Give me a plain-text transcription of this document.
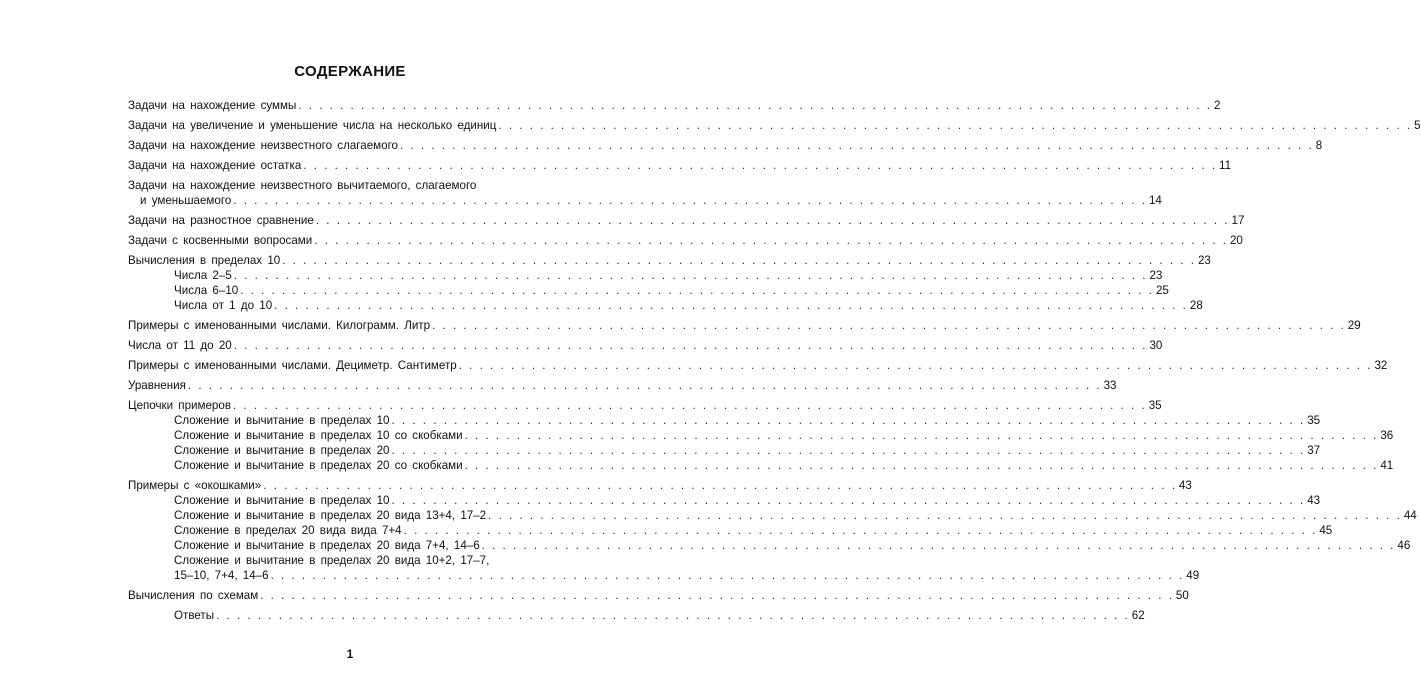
СОДЕРЖАНИЕ
Задачи на нахождение суммы . . . . . . . . . . . . . . . . . . . . . . . . . . . . . . . . . . . . . . . . . . . . . . . . . . . . . . . . . . . . . . . . . . . . . . . . . . . . . . . . . . . . . . . . 2
Задачи на увеличение и уменьшение числа на несколько единиц . . . . . . . . . . . . . . . . . . . . . . . . . . . . . . . . . . . . . . . . . . . . . . . . . . . . . . . . . . . . . . . . . . . . . . . . . . . . . . . . . . . . . . . . 5
Задачи на нахождение неизвестного слагаемого . . . . . . . . . . . . . . . . . . . . . . . . . . . . . . . . . . . . . . . . . . . . . . . . . . . . . . . . . . . . . . . . . . . . . . . . . . . . . . . . . . . . . . . . 8
Задачи на нахождение остатка . . . . . . . . . . . . . . . . . . . . . . . . . . . . . . . . . . . . . . . . . . . . . . . . . . . . . . . . . . . . . . . . . . . . . . . . . . . . . . . . . . . . . . . . 11
Задачи на нахождение неизвестного вычитаемого, слагаемого
и уменьшаемого . . . . . . . . . . . . . . . . . . . . . . . . . . . . . . . . . . . . . . . . . . . . . . . . . . . . . . . . . . . . . . . . . . . . . . . . . . . . . . . . . . . . . . . . 14
Задачи на разностное сравнение . . . . . . . . . . . . . . . . . . . . . . . . . . . . . . . . . . . . . . . . . . . . . . . . . . . . . . . . . . . . . . . . . . . . . . . . . . . . . . . . . . . . . . . . 17
Задачи с косвенными вопросами . . . . . . . . . . . . . . . . . . . . . . . . . . . . . . . . . . . . . . . . . . . . . . . . . . . . . . . . . . . . . . . . . . . . . . . . . . . . . . . . . . . . . . . . 20
Вычисления в пределах 10 . . . . . . . . . . . . . . . . . . . . . . . . . . . . . . . . . . . . . . . . . . . . . . . . . . . . . . . . . . . . . . . . . . . . . . . . . . . . . . . . . . . . . . . . 23
Числа 2–5 . . . . . . . . . . . . . . . . . . . . . . . . . . . . . . . . . . . . . . . . . . . . . . . . . . . . . . . . . . . . . . . . . . . . . . . . . . . . . . . . . . . . . . . . 23
Числа 6–10 . . . . . . . . . . . . . . . . . . . . . . . . . . . . . . . . . . . . . . . . . . . . . . . . . . . . . . . . . . . . . . . . . . . . . . . . . . . . . . . . . . . . . . . . 25
Числа от 1 до 10 . . . . . . . . . . . . . . . . . . . . . . . . . . . . . . . . . . . . . . . . . . . . . . . . . . . . . . . . . . . . . . . . . . . . . . . . . . . . . . . . . . . . . . . . 28
Примеры с именованными числами. Килограмм. Литр . . . . . . . . . . . . . . . . . . . . . . . . . . . . . . . . . . . . . . . . . . . . . . . . . . . . . . . . . . . . . . . . . . . . . . . . . . . . . . . . . . . . . . . . 29
Числа от 11 до 20 . . . . . . . . . . . . . . . . . . . . . . . . . . . . . . . . . . . . . . . . . . . . . . . . . . . . . . . . . . . . . . . . . . . . . . . . . . . . . . . . . . . . . . . . 30
Примеры с именованными числами. Дециметр. Сантиметр . . . . . . . . . . . . . . . . . . . . . . . . . . . . . . . . . . . . . . . . . . . . . . . . . . . . . . . . . . . . . . . . . . . . . . . . . . . . . . . . . . . . . . . . 32
Уравнения . . . . . . . . . . . . . . . . . . . . . . . . . . . . . . . . . . . . . . . . . . . . . . . . . . . . . . . . . . . . . . . . . . . . . . . . . . . . . . . . . . . . . . . . 33
Цепочки примеров . . . . . . . . . . . . . . . . . . . . . . . . . . . . . . . . . . . . . . . . . . . . . . . . . . . . . . . . . . . . . . . . . . . . . . . . . . . . . . . . . . . . . . . . 35
Сложение и вычитание в пределах 10 . . . . . . . . . . . . . . . . . . . . . . . . . . . . . . . . . . . . . . . . . . . . . . . . . . . . . . . . . . . . . . . . . . . . . . . . . . . . . . . . . . . . . . . . 35
Сложение и вычитание в пределах 10 со скобками . . . . . . . . . . . . . . . . . . . . . . . . . . . . . . . . . . . . . . . . . . . . . . . . . . . . . . . . . . . . . . . . . . . . . . . . . . . . . . . . . . . . . . . . 36
Сложение и вычитание в пределах 20 . . . . . . . . . . . . . . . . . . . . . . . . . . . . . . . . . . . . . . . . . . . . . . . . . . . . . . . . . . . . . . . . . . . . . . . . . . . . . . . . . . . . . . . . 37
Сложение и вычитание в пределах 20 со скобками . . . . . . . . . . . . . . . . . . . . . . . . . . . . . . . . . . . . . . . . . . . . . . . . . . . . . . . . . . . . . . . . . . . . . . . . . . . . . . . . . . . . . . . . 41
Примеры с «окошками» . . . . . . . . . . . . . . . . . . . . . . . . . . . . . . . . . . . . . . . . . . . . . . . . . . . . . . . . . . . . . . . . . . . . . . . . . . . . . . . . . . . . . . . . 43
Сложение и вычитание в пределах 10 . . . . . . . . . . . . . . . . . . . . . . . . . . . . . . . . . . . . . . . . . . . . . . . . . . . . . . . . . . . . . . . . . . . . . . . . . . . . . . . . . . . . . . . . 43
Сложение и вычитание в пределах 20 вида 13+4, 17–2 . . . . . . . . . . . . . . . . . . . . . . . . . . . . . . . . . . . . . . . . . . . . . . . . . . . . . . . . . . . . . . . . . . . . . . . . . . . . . . . . . . . . . . . . 44
Сложение в пределах 20 вида вида 7+4 . . . . . . . . . . . . . . . . . . . . . . . . . . . . . . . . . . . . . . . . . . . . . . . . . . . . . . . . . . . . . . . . . . . . . . . . . . . . . . . . . . . . . . . . 45
Сложение и вычитание в пределах 20 вида 7+4, 14–6 . . . . . . . . . . . . . . . . . . . . . . . . . . . . . . . . . . . . . . . . . . . . . . . . . . . . . . . . . . . . . . . . . . . . . . . . . . . . . . . . . . . . . . . . 46
Сложение и вычитание в пределах 20 вида 10+2, 17–7,
15–10, 7+4, 14–6 . . . . . . . . . . . . . . . . . . . . . . . . . . . . . . . . . . . . . . . . . . . . . . . . . . . . . . . . . . . . . . . . . . . . . . . . . . . . . . . . . . . . . . . . 49
Вычисления по схемам . . . . . . . . . . . . . . . . . . . . . . . . . . . . . . . . . . . . . . . . . . . . . . . . . . . . . . . . . . . . . . . . . . . . . . . . . . . . . . . . . . . . . . . . 50
Ответы . . . . . . . . . . . . . . . . . . . . . . . . . . . . . . . . . . . . . . . . . . . . . . . . . . . . . . . . . . . . . . . . . . . . . . . . . . . . . . . . . . . . . . . . 62
1
